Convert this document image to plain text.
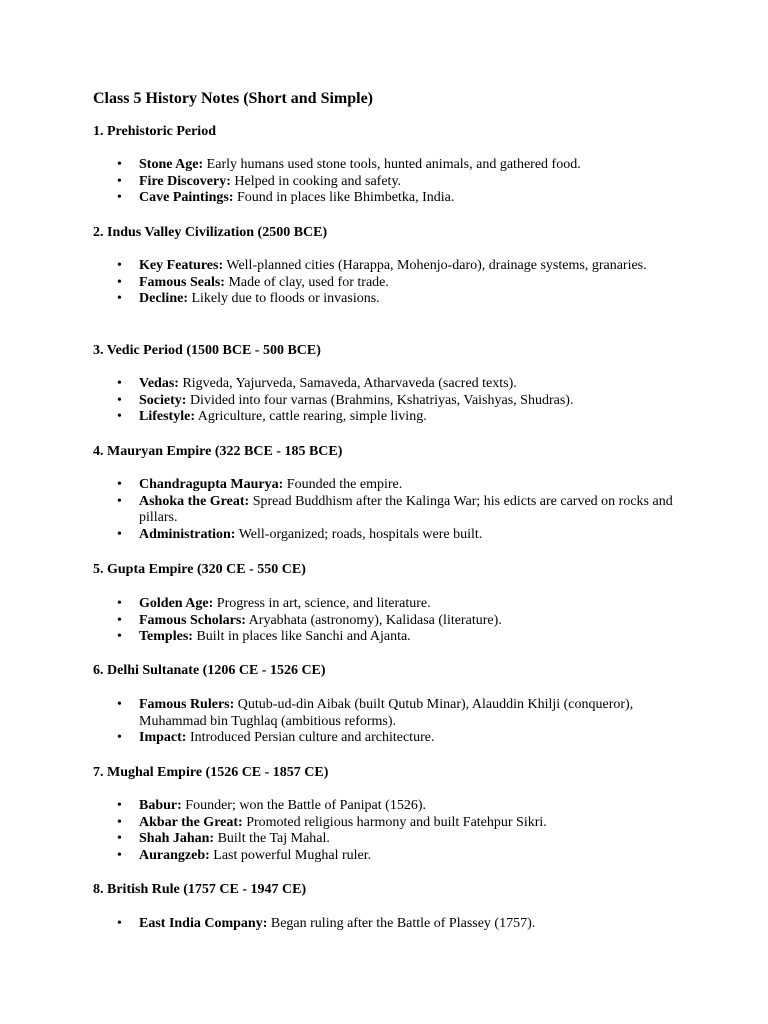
Class 5 History Notes (Short and Simple)
1. Prehistoric Period
• Stone Age: Early humans used stone tools, hunted animals, and gathered food.
• Fire Discovery: Helped in cooking and safety.
• Cave Paintings: Found in places like Bhimbetka, India.
2. Indus Valley Civilization (2500 BCE)
• Key Features: Well-planned cities (Harappa, Mohenjo-daro), drainage systems, granaries.
• Famous Seals: Made of clay, used for trade.
• Decline: Likely due to floods or invasions.
3. Vedic Period (1500 BCE - 500 BCE)
• Vedas: Rigveda, Yajurveda, Samaveda, Atharvaveda (sacred texts).
• Society: Divided into four varnas (Brahmins, Kshatriyas, Vaishyas, Shudras).
• Lifestyle: Agriculture, cattle rearing, simple living.
4. Mauryan Empire (322 BCE - 185 BCE)
• Chandragupta Maurya: Founded the empire.
• Ashoka the Great: Spread Buddhism after the Kalinga War; his edicts are carved on rocks and pillars.
• Administration: Well-organized; roads, hospitals were built.
5. Gupta Empire (320 CE - 550 CE)
• Golden Age: Progress in art, science, and literature.
• Famous Scholars: Aryabhata (astronomy), Kalidasa (literature).
• Temples: Built in places like Sanchi and Ajanta.
6. Delhi Sultanate (1206 CE - 1526 CE)
• Famous Rulers: Qutub-ud-din Aibak (built Qutub Minar), Alauddin Khilji (conqueror), Muhammad bin Tughlaq (ambitious reforms).
• Impact: Introduced Persian culture and architecture.
7. Mughal Empire (1526 CE - 1857 CE)
• Babur: Founder; won the Battle of Panipat (1526).
• Akbar the Great: Promoted religious harmony and built Fatehpur Sikri.
• Shah Jahan: Built the Taj Mahal.
• Aurangzeb: Last powerful Mughal ruler.
8. British Rule (1757 CE - 1947 CE)
• East India Company: Began ruling after the Battle of Plassey (1757).
